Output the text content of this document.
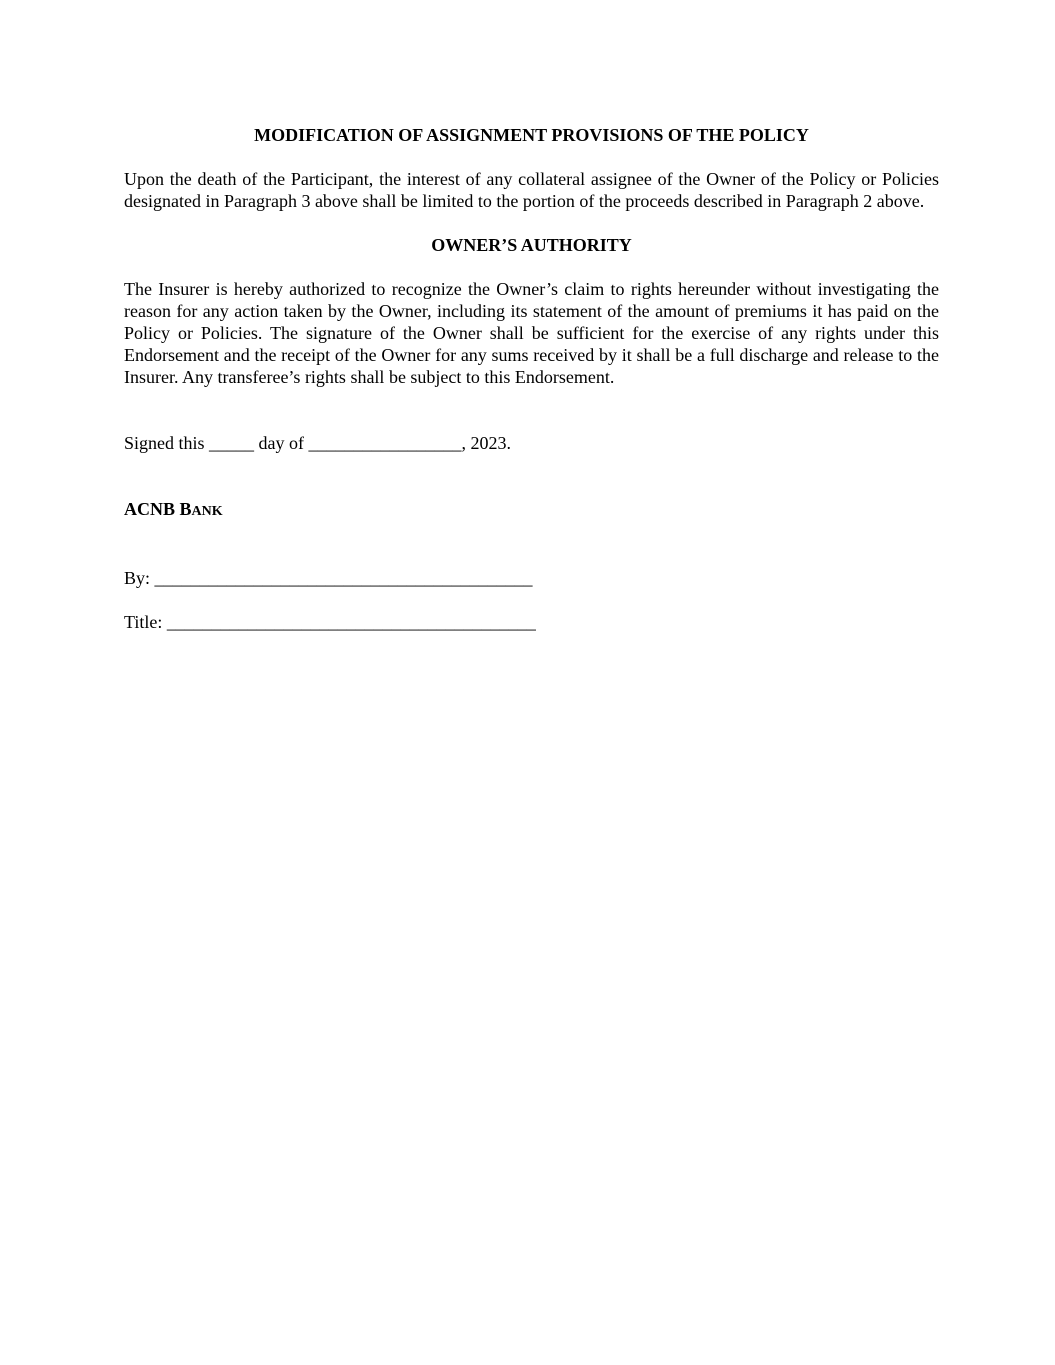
MODIFICATION OF ASSIGNMENT PROVISIONS OF THE POLICY

Upon the death of the Participant, the interest of any collateral assignee of the Owner of the Policy or Policies designated in Paragraph 3 above shall be limited to the portion of the proceeds described in Paragraph 2 above.

OWNER’S AUTHORITY

The Insurer is hereby authorized to recognize the Owner’s claim to rights hereunder without investigating the reason for any action taken by the Owner, including its statement of the amount of premiums it has paid on the Policy or Policies. The signature of the Owner shall be sufficient for the exercise of any rights under this Endorsement and the receipt of the Owner for any sums received by it shall be a full discharge and release to the Insurer. Any transferee’s rights shall be subject to this Endorsement.

Signed this _____ day of _________________, 2023.

ACNB BANK

By: __________________________________________

Title: _________________________________________
